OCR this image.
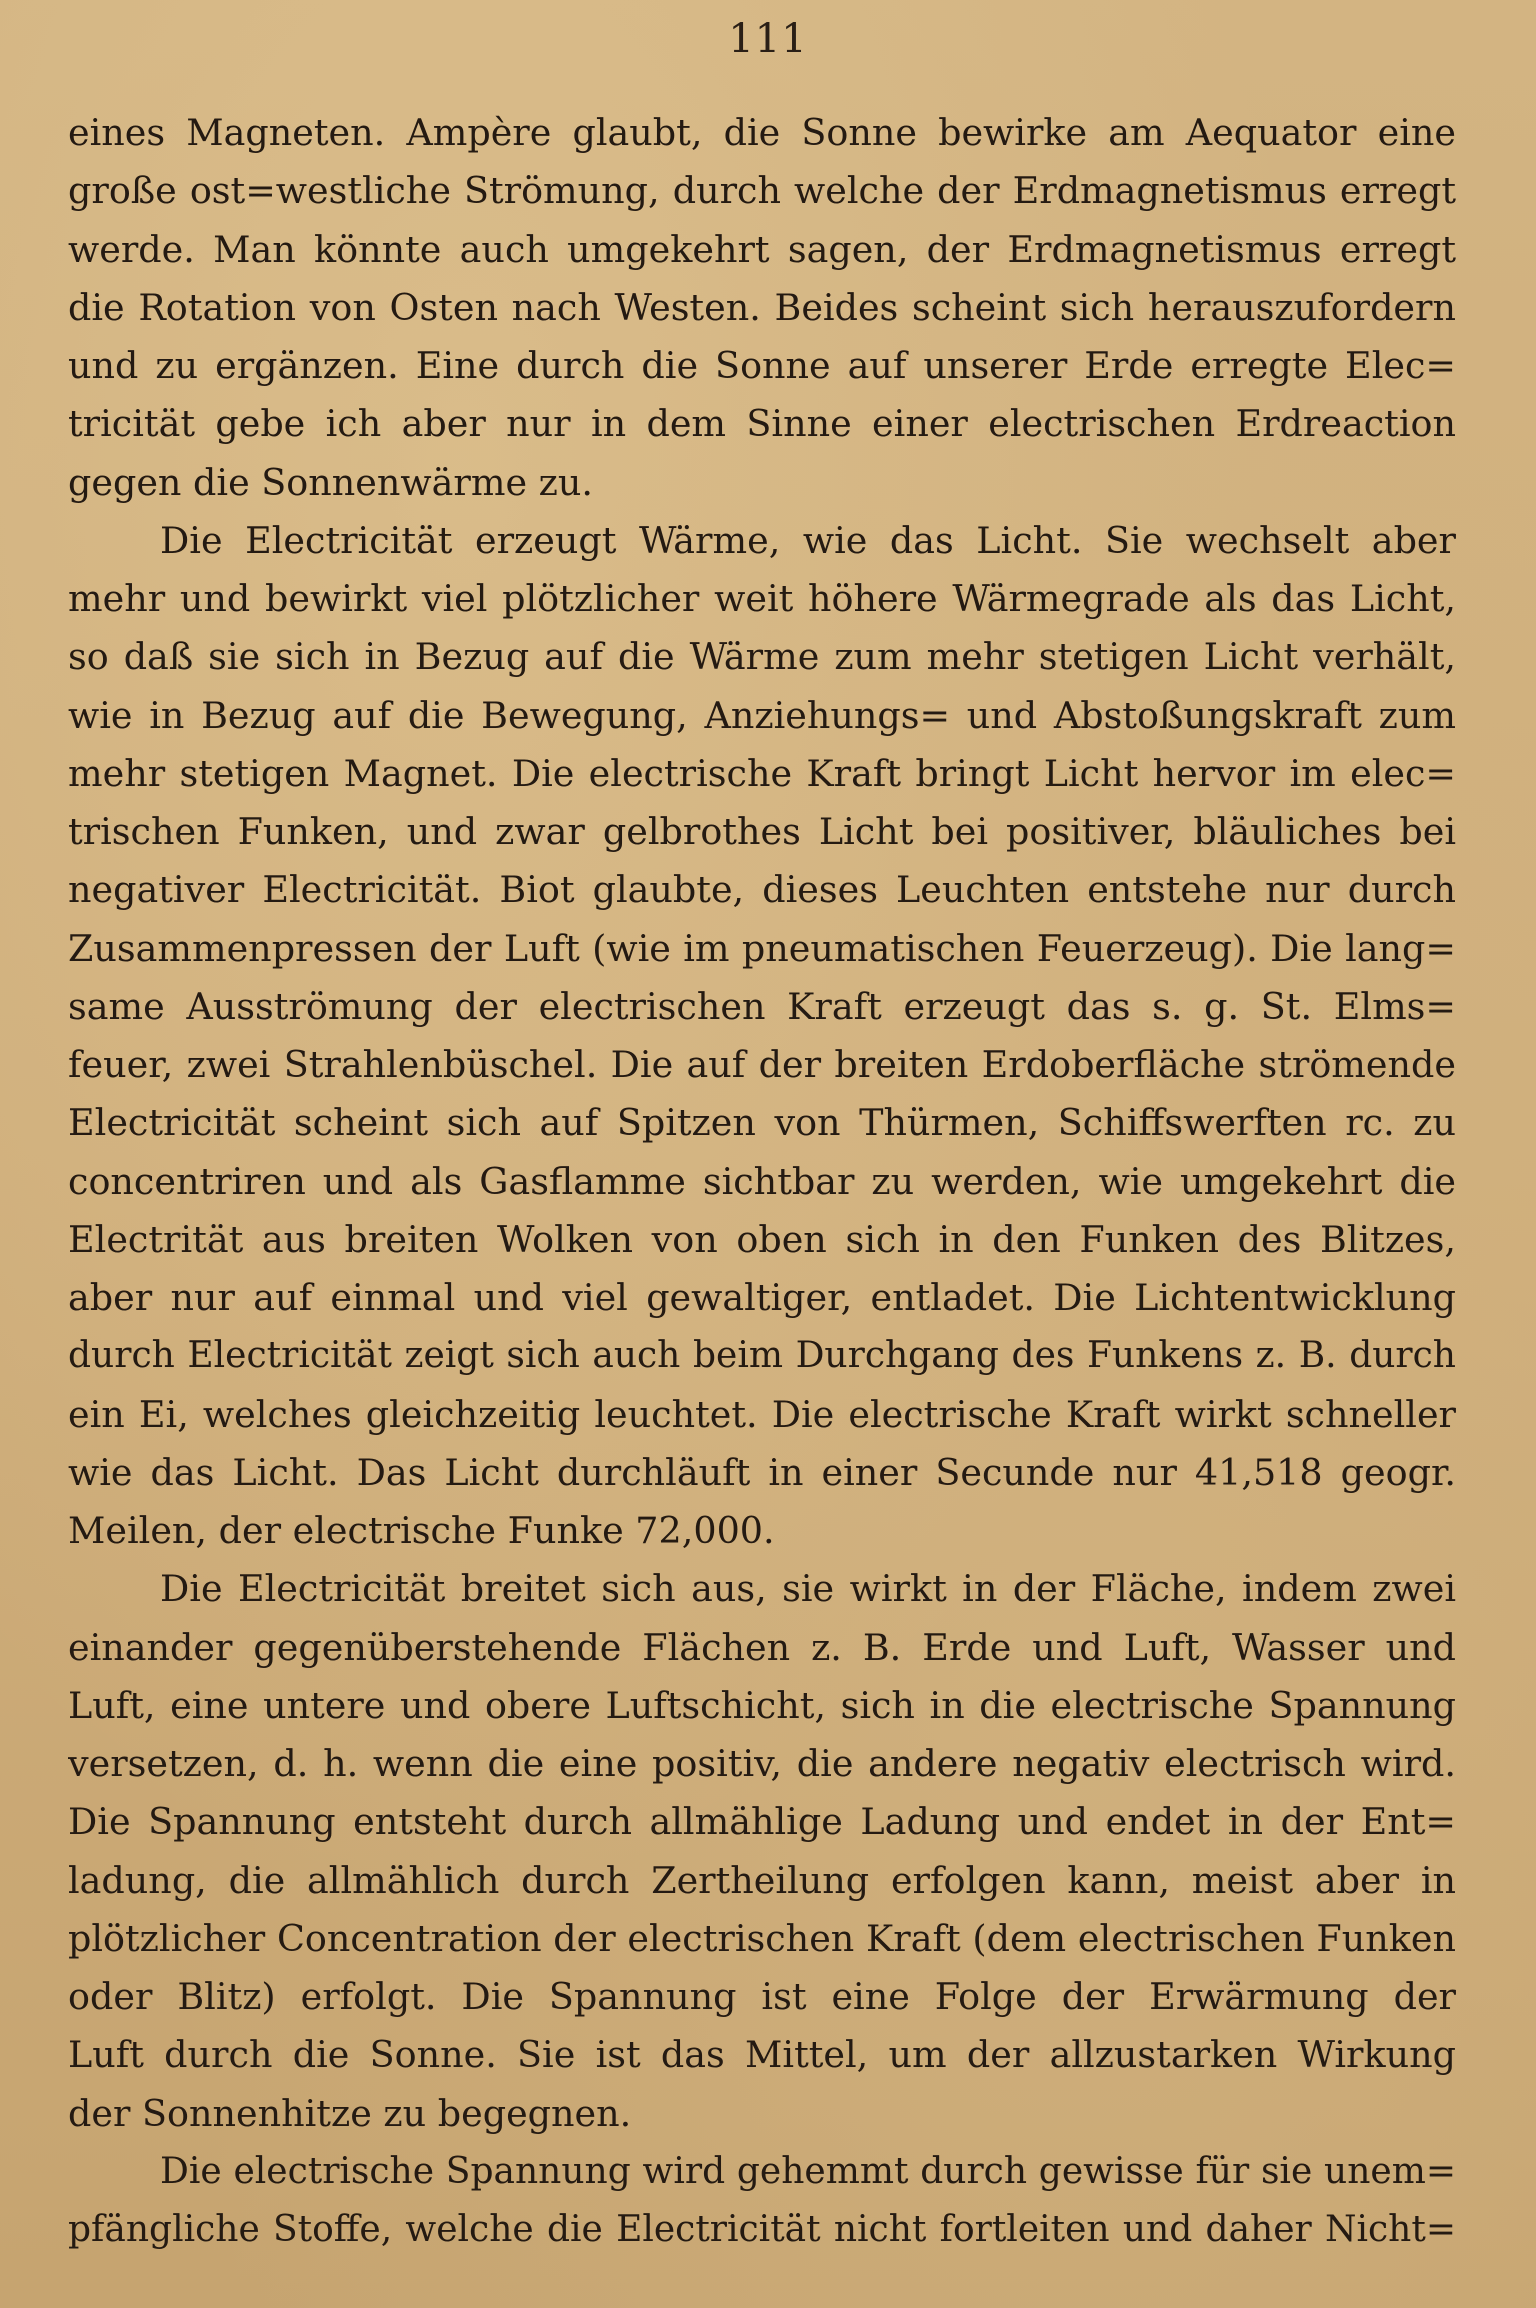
111
eines Magneten. Ampère glaubt, die Sonne bewirke am Aequator eine
große ost=westliche Strömung, durch welche der Erdmagnetismus erregt
werde. Man könnte auch umgekehrt sagen, der Erdmagnetismus erregt
die Rotation von Osten nach Westen. Beides scheint sich herauszufordern
und zu ergänzen. Eine durch die Sonne auf unserer Erde erregte Elec=
tricität gebe ich aber nur in dem Sinne einer electrischen Erdreaction
gegen die Sonnenwärme zu.
Die Electricität erzeugt Wärme, wie das Licht. Sie wechselt aber
mehr und bewirkt viel plötzlicher weit höhere Wärmegrade als das Licht,
so daß sie sich in Bezug auf die Wärme zum mehr stetigen Licht verhält,
wie in Bezug auf die Bewegung, Anziehungs= und Abstoßungskraft zum
mehr stetigen Magnet. Die electrische Kraft bringt Licht hervor im elec=
trischen Funken, und zwar gelbrothes Licht bei positiver, bläuliches bei
negativer Electricität. Biot glaubte, dieses Leuchten entstehe nur durch
Zusammenpressen der Luft (wie im pneumatischen Feuerzeug). Die lang=
same Ausströmung der electrischen Kraft erzeugt das s. g. St. Elms=
feuer, zwei Strahlenbüschel. Die auf der breiten Erdoberfläche strömende
Electricität scheint sich auf Spitzen von Thürmen, Schiffswerften rc. zu
concentriren und als Gasflamme sichtbar zu werden, wie umgekehrt die
Electrität aus breiten Wolken von oben sich in den Funken des Blitzes,
aber nur auf einmal und viel gewaltiger, entladet. Die Lichtentwicklung
durch Electricität zeigt sich auch beim Durchgang des Funkens z. B. durch
ein Ei, welches gleichzeitig leuchtet. Die electrische Kraft wirkt schneller
wie das Licht. Das Licht durchläuft in einer Secunde nur 41,518 geogr.
Meilen, der electrische Funke 72,000.
Die Electricität breitet sich aus, sie wirkt in der Fläche, indem zwei
einander gegenüberstehende Flächen z. B. Erde und Luft, Wasser und
Luft, eine untere und obere Luftschicht, sich in die electrische Spannung
versetzen, d. h. wenn die eine positiv, die andere negativ electrisch wird.
Die Spannung entsteht durch allmählige Ladung und endet in der Ent=
ladung, die allmählich durch Zertheilung erfolgen kann, meist aber in
plötzlicher Concentration der electrischen Kraft (dem electrischen Funken
oder Blitz) erfolgt. Die Spannung ist eine Folge der Erwärmung der
Luft durch die Sonne. Sie ist das Mittel, um der allzustarken Wirkung
der Sonnenhitze zu begegnen.
Die electrische Spannung wird gehemmt durch gewisse für sie unem=
pfängliche Stoffe, welche die Electricität nicht fortleiten und daher Nicht=
